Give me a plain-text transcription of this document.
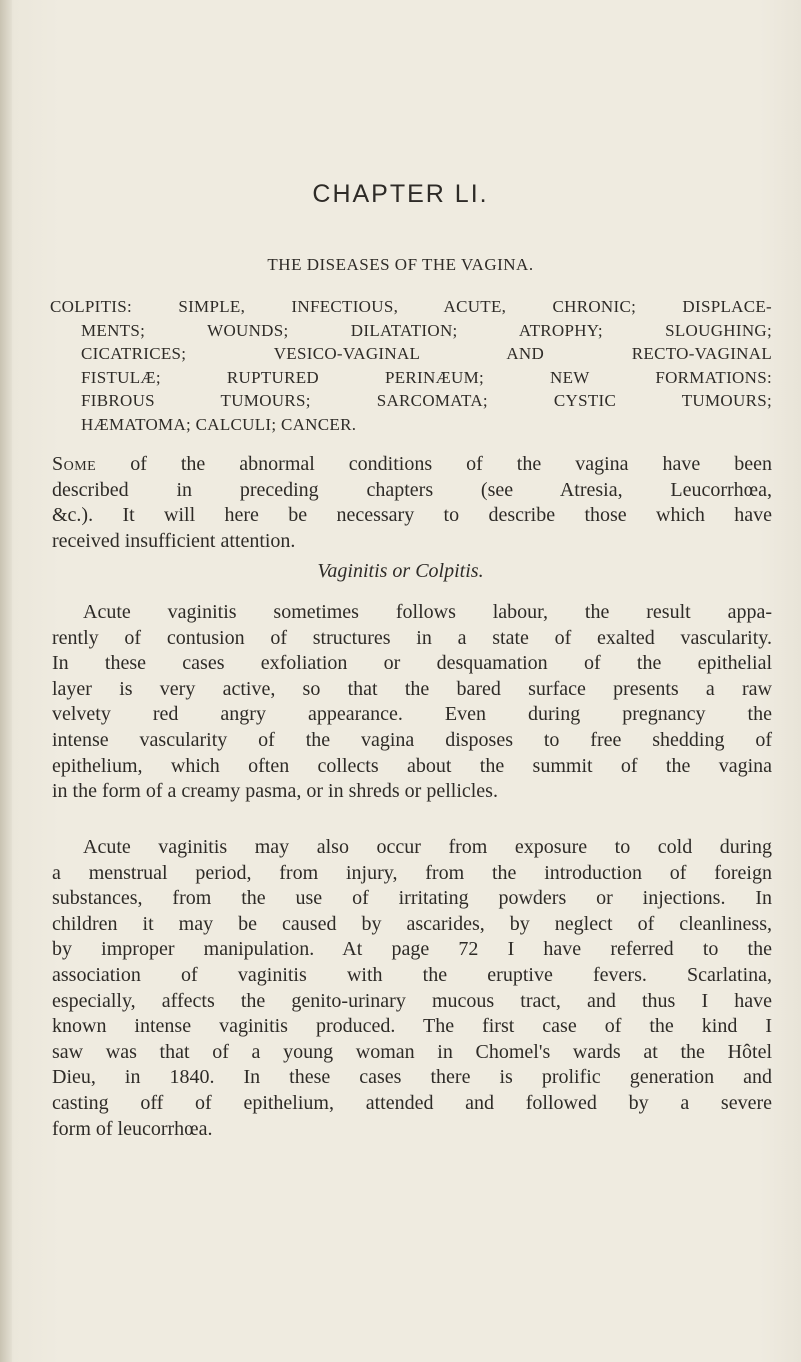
CHAPTER LI.
THE DISEASES OF THE VAGINA.
COLPITIS: SIMPLE, INFECTIOUS, ACUTE, CHRONIC; DISPLACE-
MENTS; WOUNDS; DILATATION; ATROPHY; SLOUGHING;
CICATRICES; VESICO-VAGINAL AND RECTO-VAGINAL
FISTULÆ; RUPTURED PERINÆUM; NEW FORMATIONS:
FIBROUS TUMOURS; SARCOMATA; CYSTIC TUMOURS;
HÆMATOMA; CALCULI; CANCER.
Some of the abnormal conditions of the vagina have been
described in preceding chapters (see Atresia, Leucorrhœa,
&c.). It will here be necessary to describe those which have
received insufficient attention.
Vaginitis or Colpitis.
Acute vaginitis sometimes follows labour, the result appa-
rently of contusion of structures in a state of exalted vascularity.
In these cases exfoliation or desquamation of the epithelial
layer is very active, so that the bared surface presents a raw
velvety red angry appearance. Even during pregnancy the
intense vascularity of the vagina disposes to free shedding of
epithelium, which often collects about the summit of the vagina
in the form of a creamy pasma, or in shreds or pellicles.
Acute vaginitis may also occur from exposure to cold during
a menstrual period, from injury, from the introduction of foreign
substances, from the use of irritating powders or injections. In
children it may be caused by ascarides, by neglect of cleanliness,
by improper manipulation. At page 72 I have referred to the
association of vaginitis with the eruptive fevers. Scarlatina,
especially, affects the genito-urinary mucous tract, and thus I have
known intense vaginitis produced. The first case of the kind I
saw was that of a young woman in Chomel's wards at the Hôtel
Dieu, in 1840. In these cases there is prolific generation and
casting off of epithelium, attended and followed by a severe
form of leucorrhœa.
